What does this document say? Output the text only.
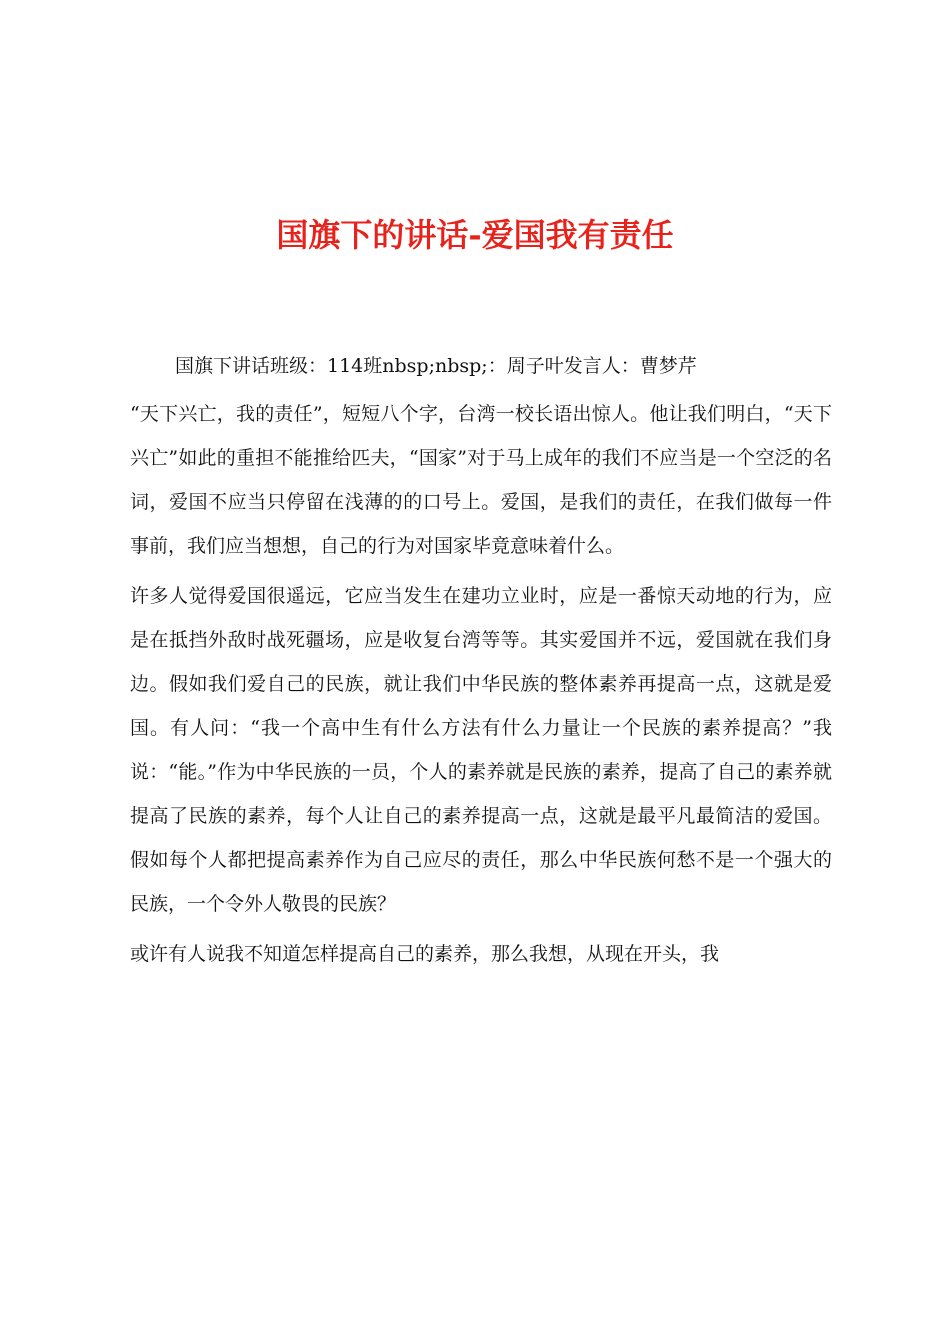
国旗下的讲话-爱国我有责任

国旗下讲话班级：114班nbsp;nbsp;：周子叶发言人：曹梦芹

“天下兴亡，我的责任”，短短八个字，台湾一校长语出惊人。他让我们明白，“天下兴亡”如此的重担不能推给匹夫，“国家”对于马上成年的我们不应当是一个空泛的名词，爱国不应当只停留在浅薄的的口号上。爱国，是我们的责任，在我们做每一件事前，我们应当想想，自己的行为对国家毕竟意味着什么。

许多人觉得爱国很遥远，它应当发生在建功立业时，应是一番惊天动地的行为，应是在抵挡外敌时战死疆场，应是收复台湾等等。其实爱国并不远，爱国就在我们身边。假如我们爱自己的民族，就让我们中华民族的整体素养再提高一点，这就是爱国。有人问：“我一个高中生有什么方法有什么力量让一个民族的素养提高？”我说：“能。”作为中华民族的一员，个人的素养就是民族的素养，提高了自己的素养就提高了民族的素养，每个人让自己的素养提高一点，这就是最平凡最简洁的爱国。假如每个人都把提高素养作为自己应尽的责任，那么中华民族何愁不是一个强大的民族，一个令外人敬畏的民族？

或许有人说我不知道怎样提高自己的素养，那么我想，从现在开头，我
